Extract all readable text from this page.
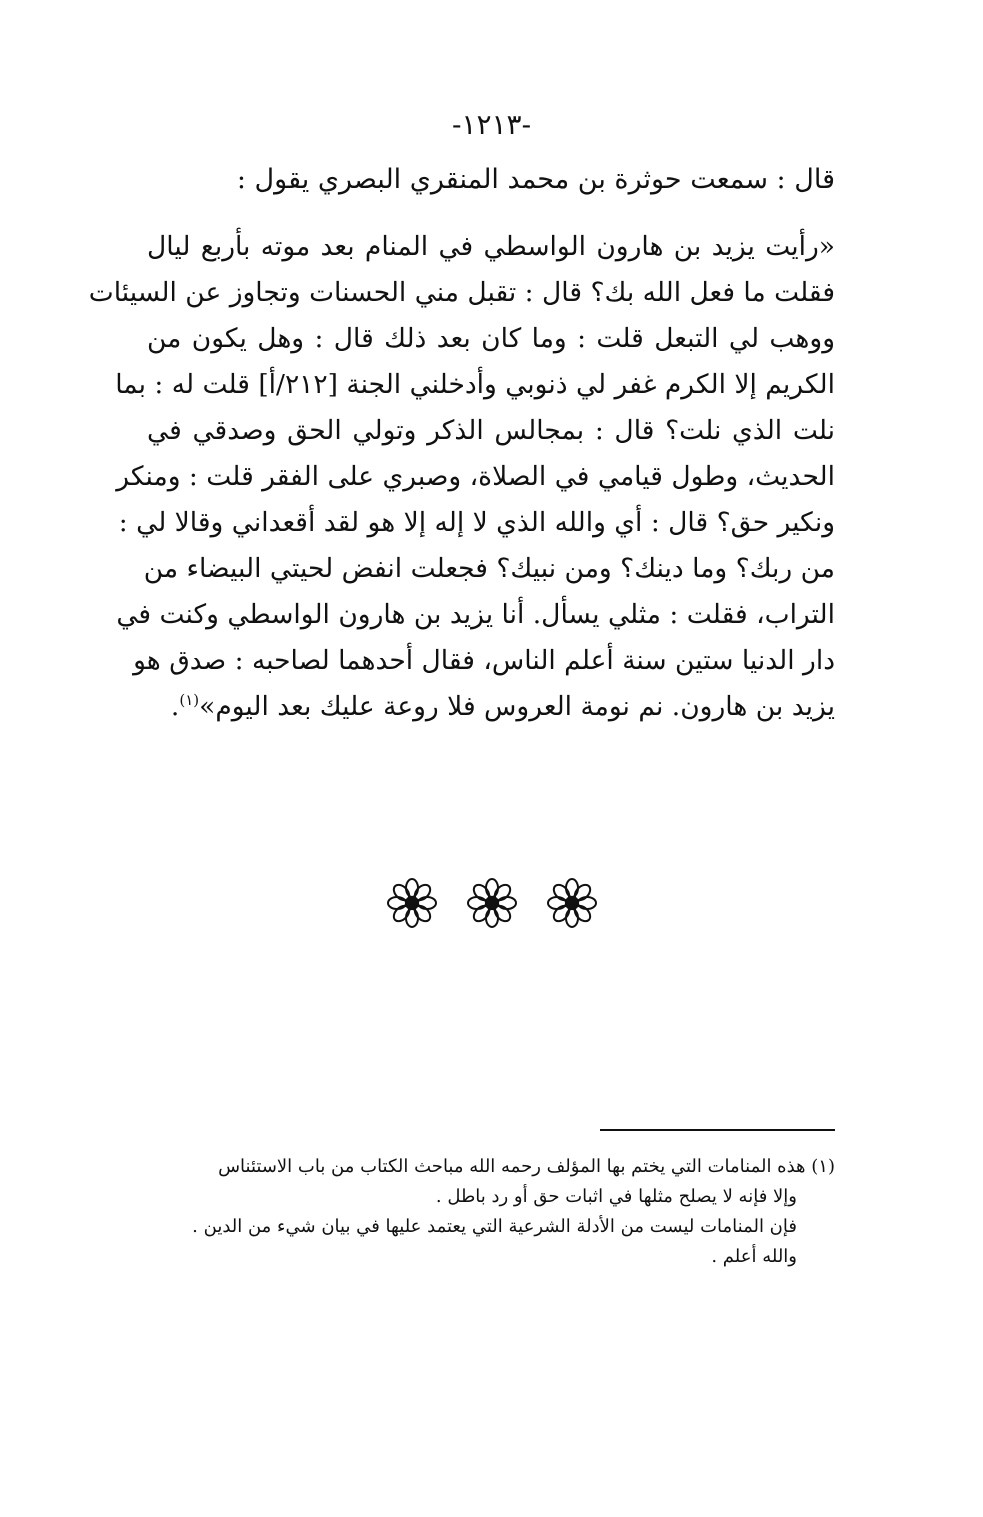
-١٢١٣-
قال : سمعت حوثرة بن محمد المنقري البصري يقول :
«رأيت يزيد بن هارون الواسطي في المنام بعد موته بأربع ليال
فقلت ما فعل الله بك؟ قال : تقبل مني الحسنات وتجاوز عن السيئات
ووهب لي التبعل قلت : وما كان بعد ذلك قال : وهل يكون من
الكريم إلا الكرم غفر لي ذنوبي وأدخلني الجنة [٢١٢/أ] قلت له : بما
نلت الذي نلت؟ قال : بمجالس الذكر وتولي الحق وصدقي في
الحديث، وطول قيامي في الصلاة، وصبري على الفقر قلت : ومنكر
ونكير حق؟ قال : أي والله الذي لا إله إلا هو لقد أقعداني وقالا لي :
من ربك؟ وما دينك؟ ومن نبيك؟ فجعلت انفض لحيتي البيضاء من
التراب، فقلت : مثلي يسأل. أنا يزيد بن هارون الواسطي وكنت في
دار الدنيا ستين سنة أعلم الناس، فقال أحدهما لصاحبه : صدق هو
يزيد بن هارون. نم نومة العروس فلا روعة عليك بعد اليوم»$^{(١)}$.
(١) هذه المنامات التي يختم بها المؤلف رحمه الله مباحث الكتاب من باب الاستئناس
وإلا فإنه لا يصلح مثلها في اثبات حق أو رد باطل .
فإن المنامات ليست من الأدلة الشرعية التي يعتمد عليها في بيان شيء من الدين .
والله أعلم .
